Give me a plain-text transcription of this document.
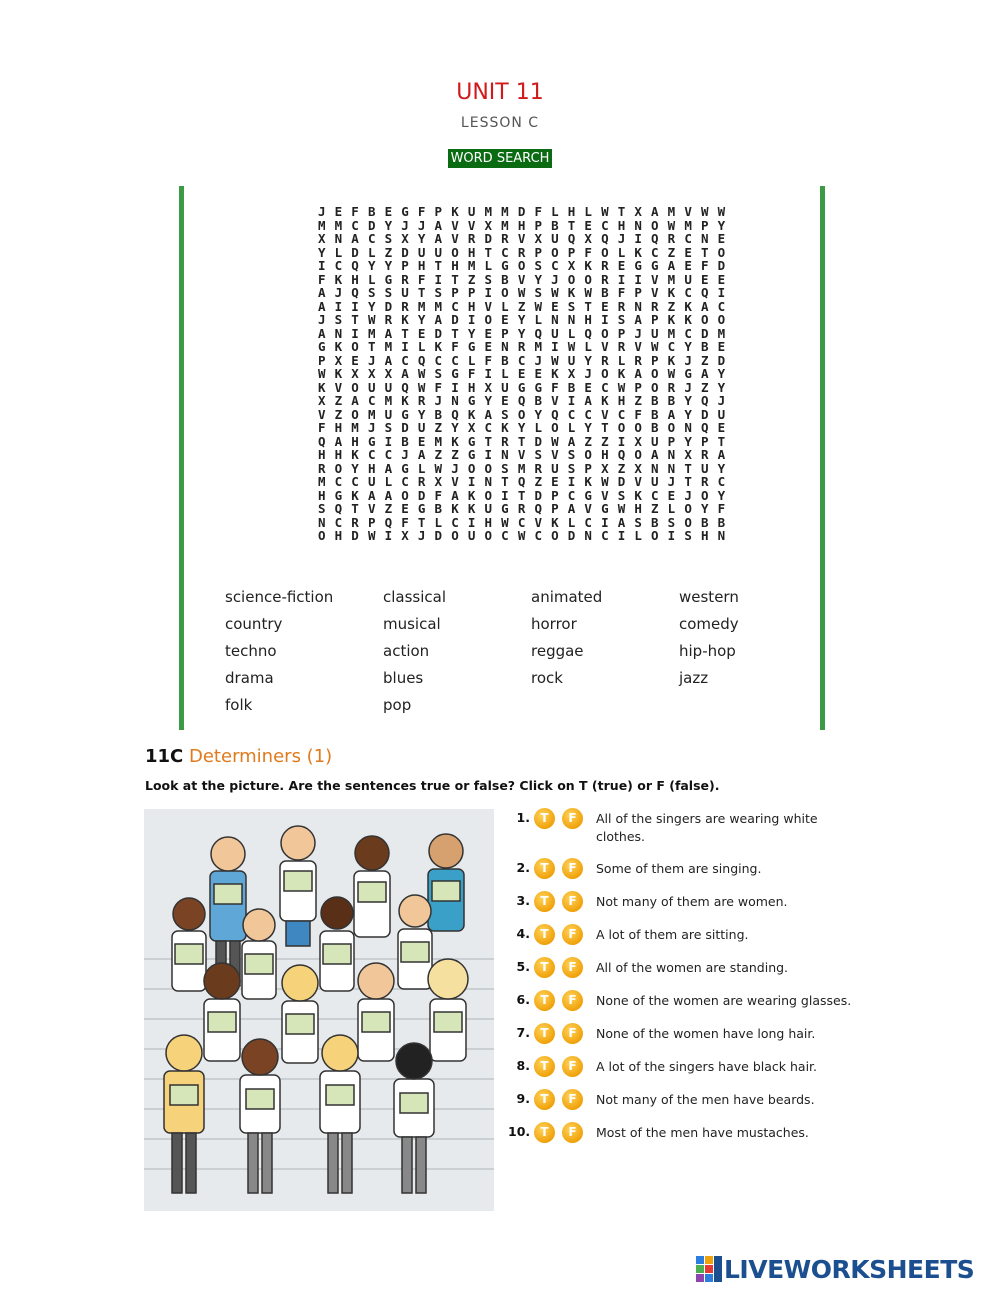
UNIT 11
LESSON C
WORD SEARCH
J E F B E G F P K U M M D F L H L W T X A M V W W
M M C D Y J J A V V X M H P B T E C H N O W M P Y
X N A C S X Y A V R D R V X U Q X Q J I Q R C N E
Y L D L Z D U U O H T C R P O P F O L K C Z E T O
I C Q Y Y P H T H M L G O S C X K R E G G A E F D
F K H L G R F I T Z S B V Y J O O R I I V M U E E
A J Q S S U T S P P I O W S W K W B F P V K C Q I
A I I Y D R M M C H V L Z W E S T E R N R Z K A C
J S T W R K Y A D I O E Y L N N H I S A P K K O O
A N I M A T E D T Y E P Y Q U L Q O P J U M C D M
G K O T M I L K F G E N R M I W L V R V W C Y B E
P X E J A C Q C C L F B C J W U Y R L R P K J Z D
W K X X X A W S G F I L E E K X J O K A O W G A Y
K V O U U Q W F I H X U G G F B E C W P O R J Z Y
X Z A C M K R J N G Y E Q B V I A K H Z B B Y Q J
V Z O M U G Y B Q K A S O Y Q C C V C F B A Y D U
F H M J S D U Z Y X C K Y L O L Y T O O B O N Q E
Q A H G I B E M K G T R T D W A Z Z I X U P Y P T
H H K C C J A Z Z G I N V S V S O H Q O A N X R A
R O Y H A G L W J O O S M R U S P X Z X N N T U Y
M C C U L C R X V I N T Q Z E I K W D V U J T R C
H G K A A O D F A K O I T D P C G V S K C E J O Y
S Q T V Z E G B K K U G R Q P A V G W H Z L O Y F
N C R P Q F T L C I H W C V K L C I A S B S O B B
O H D W I X J D O U O C W C O D N C I L O I S H N
science-fiction	classical	animated	western
country	musical	horror	comedy
techno	action	reggae	hip-hop
drama	blues	rock	jazz
folk	pop
11C Determiners (1)
Look at the picture. Are the sentences true or false? Click on T (true) or F (false).
1. T	F	All of the singers are wearing white clothes.
2. T	F	Some of them are singing.
3. T	F	Not many of them are women.
4. T	F	A lot of them are sitting.
5. T	F	All of the women are standing.
6. T	F	None of the women are wearing glasses.
7. T	F	None of the women have long hair.
8. T	F	A lot of the singers have black hair.
9. T	F	Not many of the men have beards.
10. T	F	Most of the men have mustaches.
LIVEWORKSHEETS
